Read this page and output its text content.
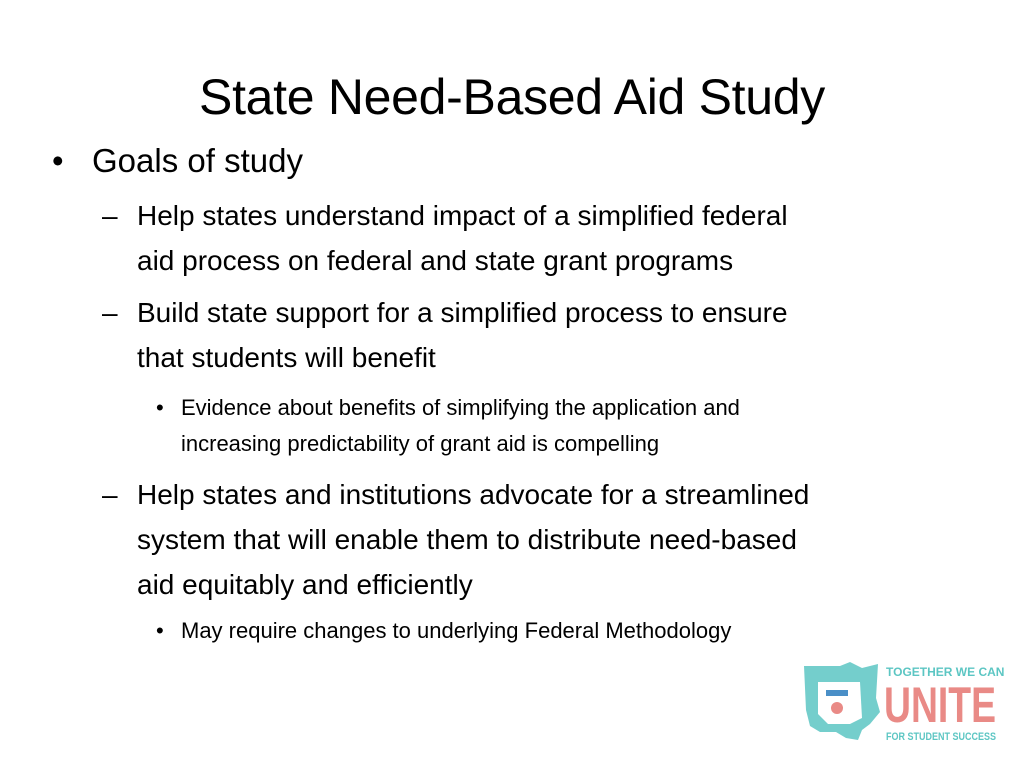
State Need-Based Aid Study
• Goals of study
– Help states understand impact of a simplified federal
aid process on federal and state grant programs
– Build state support for a simplified process to ensure
that students will benefit
• Evidence about benefits of simplifying the application and
increasing predictability of grant aid is compelling
– Help states and institutions advocate for a streamlined
system that will enable them to distribute need-based
aid equitably and efficiently
• May require changes to underlying Federal Methodology
TOGETHER WE CAN
UNITE
FOR STUDENT SUCCESS
